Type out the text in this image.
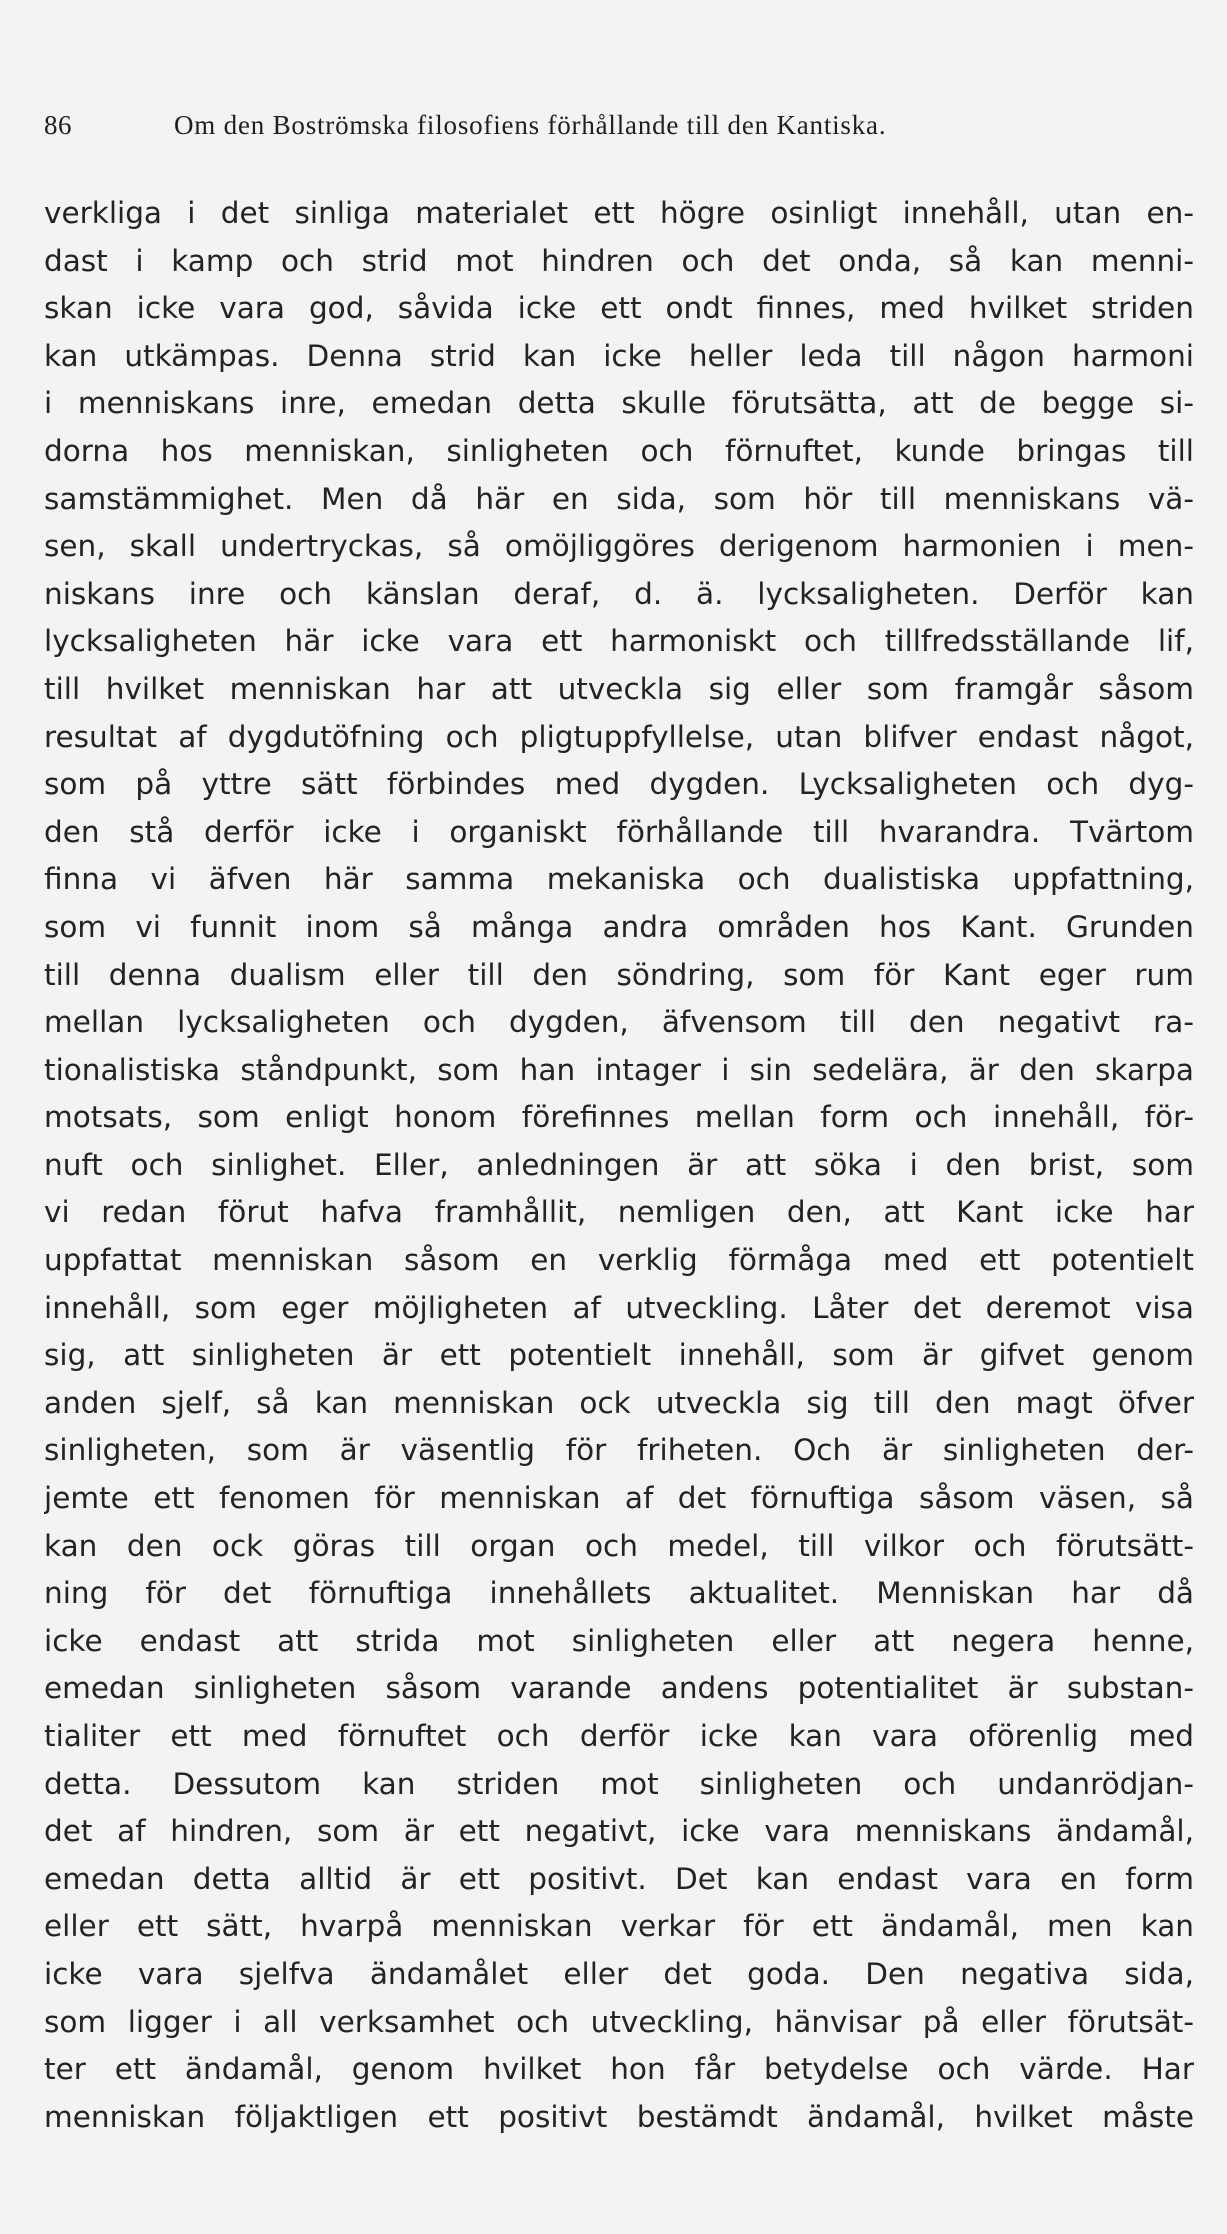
86	Om den Boströmska filosofiens förhållande till den Kantiska.
verkliga i det sinliga materialet ett högre osinligt innehåll, utan en-
dast i kamp och strid mot hindren och det onda, så kan menni-
skan icke vara god, såvida icke ett ondt finnes, med hvilket striden
kan utkämpas. Denna strid kan icke heller leda till någon harmoni
i menniskans inre, emedan detta skulle förutsätta, att de begge si-
dorna hos menniskan, sinligheten och förnuftet, kunde bringas till
samstämmighet. Men då här en sida, som hör till menniskans vä-
sen, skall undertryckas, så omöjliggöres derigenom harmonien i men-
niskans inre och känslan deraf, d. ä. lycksaligheten. Derför kan
lycksaligheten här icke vara ett harmoniskt och tillfredsställande lif,
till hvilket menniskan har att utveckla sig eller som framgår såsom
resultat af dygdutöfning och pligtuppfyllelse, utan blifver endast något,
som på yttre sätt förbindes med dygden. Lycksaligheten och dyg-
den stå derför icke i organiskt förhållande till hvarandra. Tvärtom
finna vi äfven här samma mekaniska och dualistiska uppfattning,
som vi funnit inom så många andra områden hos Kant. Grunden
till denna dualism eller till den söndring, som för Kant eger rum
mellan lycksaligheten och dygden, äfvensom till den negativt ra-
tionalistiska ståndpunkt, som han intager i sin sedelära, är den skarpa
motsats, som enligt honom förefinnes mellan form och innehåll, för-
nuft och sinlighet. Eller, anledningen är att söka i den brist, som
vi redan förut hafva framhållit, nemligen den, att Kant icke har
uppfattat menniskan såsom en verklig förmåga med ett potentielt
innehåll, som eger möjligheten af utveckling. Låter det deremot visa
sig, att sinligheten är ett potentielt innehåll, som är gifvet genom
anden sjelf, så kan menniskan ock utveckla sig till den magt öfver
sinligheten, som är väsentlig för friheten. Och är sinligheten der-
jemte ett fenomen för menniskan af det förnuftiga såsom väsen, så
kan den ock göras till organ och medel, till vilkor och förutsätt-
ning för det förnuftiga innehållets aktualitet. Menniskan har då
icke endast att strida mot sinligheten eller att negera henne,
emedan sinligheten såsom varande andens potentialitet är substan-
tialiter ett med förnuftet och derför icke kan vara oförenlig med
detta. Dessutom kan striden mot sinligheten och undanrödjan-
det af hindren, som är ett negativt, icke vara menniskans ändamål,
emedan detta alltid är ett positivt. Det kan endast vara en form
eller ett sätt, hvarpå menniskan verkar för ett ändamål, men kan
icke vara sjelfva ändamålet eller det goda. Den negativa sida,
som ligger i all verksamhet och utveckling, hänvisar på eller förutsät-
ter ett ändamål, genom hvilket hon får betydelse och värde. Har
menniskan följaktligen ett positivt bestämdt ändamål, hvilket måste
